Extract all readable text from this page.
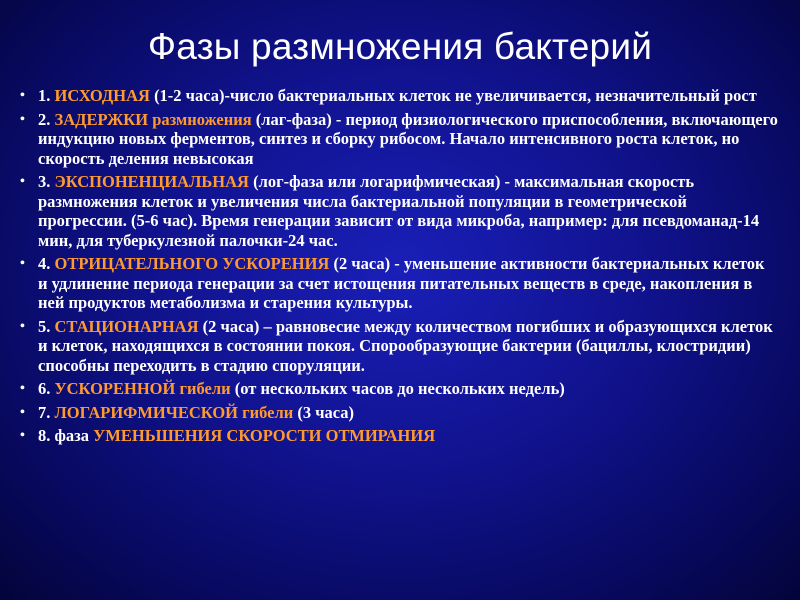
Фазы размножения бактерий
• 1. ИСХОДНАЯ (1-2 часа)-число бактериальных клеток не увеличивается, незначительный рост
• 2. ЗАДЕРЖКИ размножения (лаг-фаза) - период физиологического приспособления, включающего индукцию новых ферментов, синтез и сборку рибосом. Начало интенсивного роста клеток, но скорость деления невысокая
• 3. ЭКСПОНЕНЦИАЛЬНАЯ (лог-фаза или логарифмическая) - максимальная скорость размножения клеток и увеличения числа бактериальной популяции в геометрической прогрессии. (5-6 час). Время генерации зависит от вида микроба, например: для псевдоманад-14 мин, для туберкулезной палочки-24 час.
• 4. ОТРИЦАТЕЛЬНОГО УСКОРЕНИЯ (2 часа) - уменьшение активности бактериальных клеток и удлинение периода генерации за счет истощения питательных веществ в среде, накопления в ней продуктов метаболизма и старения культуры.
• 5. СТАЦИОНАРНАЯ (2 часа) – равновесие между количеством погибших и образующихся клеток и клеток, находящихся в состоянии покоя. Спорообразующие бактерии (бациллы, клостридии) способны переходить в стадию споруляции.
• 6. УСКОРЕННОЙ гибели (от нескольких часов до нескольких недель)
• 7. ЛОГАРИФМИЧЕСКОЙ гибели (3 часа)
• 8. фаза УМЕНЬШЕНИЯ СКОРОСТИ ОТМИРАНИЯ
